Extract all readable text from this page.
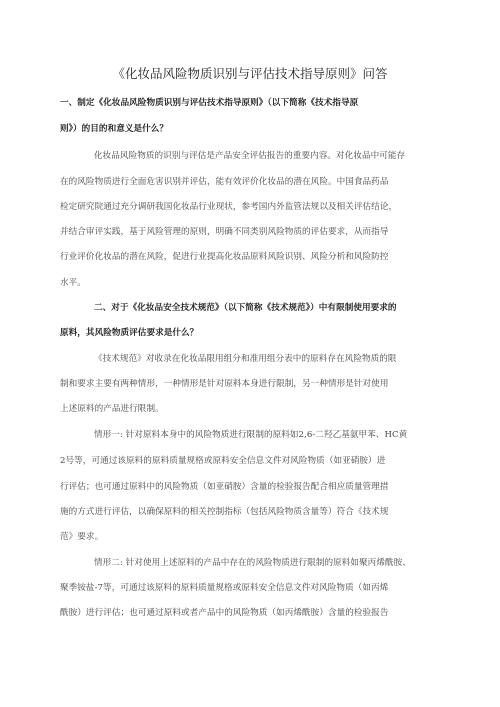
《化妆品风险物质识别与评估技术指导原则》问答
一、制定《化妆品风险物质识别与评估技术指导原则》（以下简称《技术指导原
则》）的目的和意义是什么？
化妆品风险物质的识别与评估是产品安全评估报告的重要内容。对化妆品中可能存
在的风险物质进行全面危害识别并评估，能有效评价化妆品的潜在风险。中国食品药品
检定研究院通过充分调研我国化妆品行业现状，参考国内外监管法规以及相关评估结论，
并结合审评实践，基于风险管理的原则，明确不同类别风险物质的评估要求，从而指导
行业评价化妆品的潜在风险，促进行业提高化妆品原料风险识别、风险分析和风险防控
水平。
二、对于《化妆品安全技术规范》（以下简称《技术规范》）中有限制使用要求的
原料，其风险物质评估要求是什么？
《技术规范》对收录在化妆品限用组分和准用组分表中的原料存在风险物质的限
制和要求主要有两种情形，一种情形是针对原料本身进行限制，另一种情形是针对使用
上述原料的产品进行限制。
情形一: 针对原料本身中的风险物质进行限制的原料如2,6-二羟乙基氨甲苯、HC黄
2号等，可通过该原料的原料质量规格或原料安全信息文件对风险物质（如亚硝胺）进
行评估；也可通过原料中的风险物质（如亚硝胺）含量的检验报告配合相应质量管理措
施的方式进行评估，以确保原料的相关控制指标（包括风险物质含量等）符合《技术规
范》要求。
情形二: 针对使用上述原料的产品中存在的风险物质进行限制的原料如聚丙烯酰胺、
聚季铵盐-7等，可通过该原料的原料质量规格或原料安全信息文件对风险物质（如丙烯
酰胺）进行评估；也可通过原料或者产品中的风险物质（如丙烯酰胺）含量的检验报告
